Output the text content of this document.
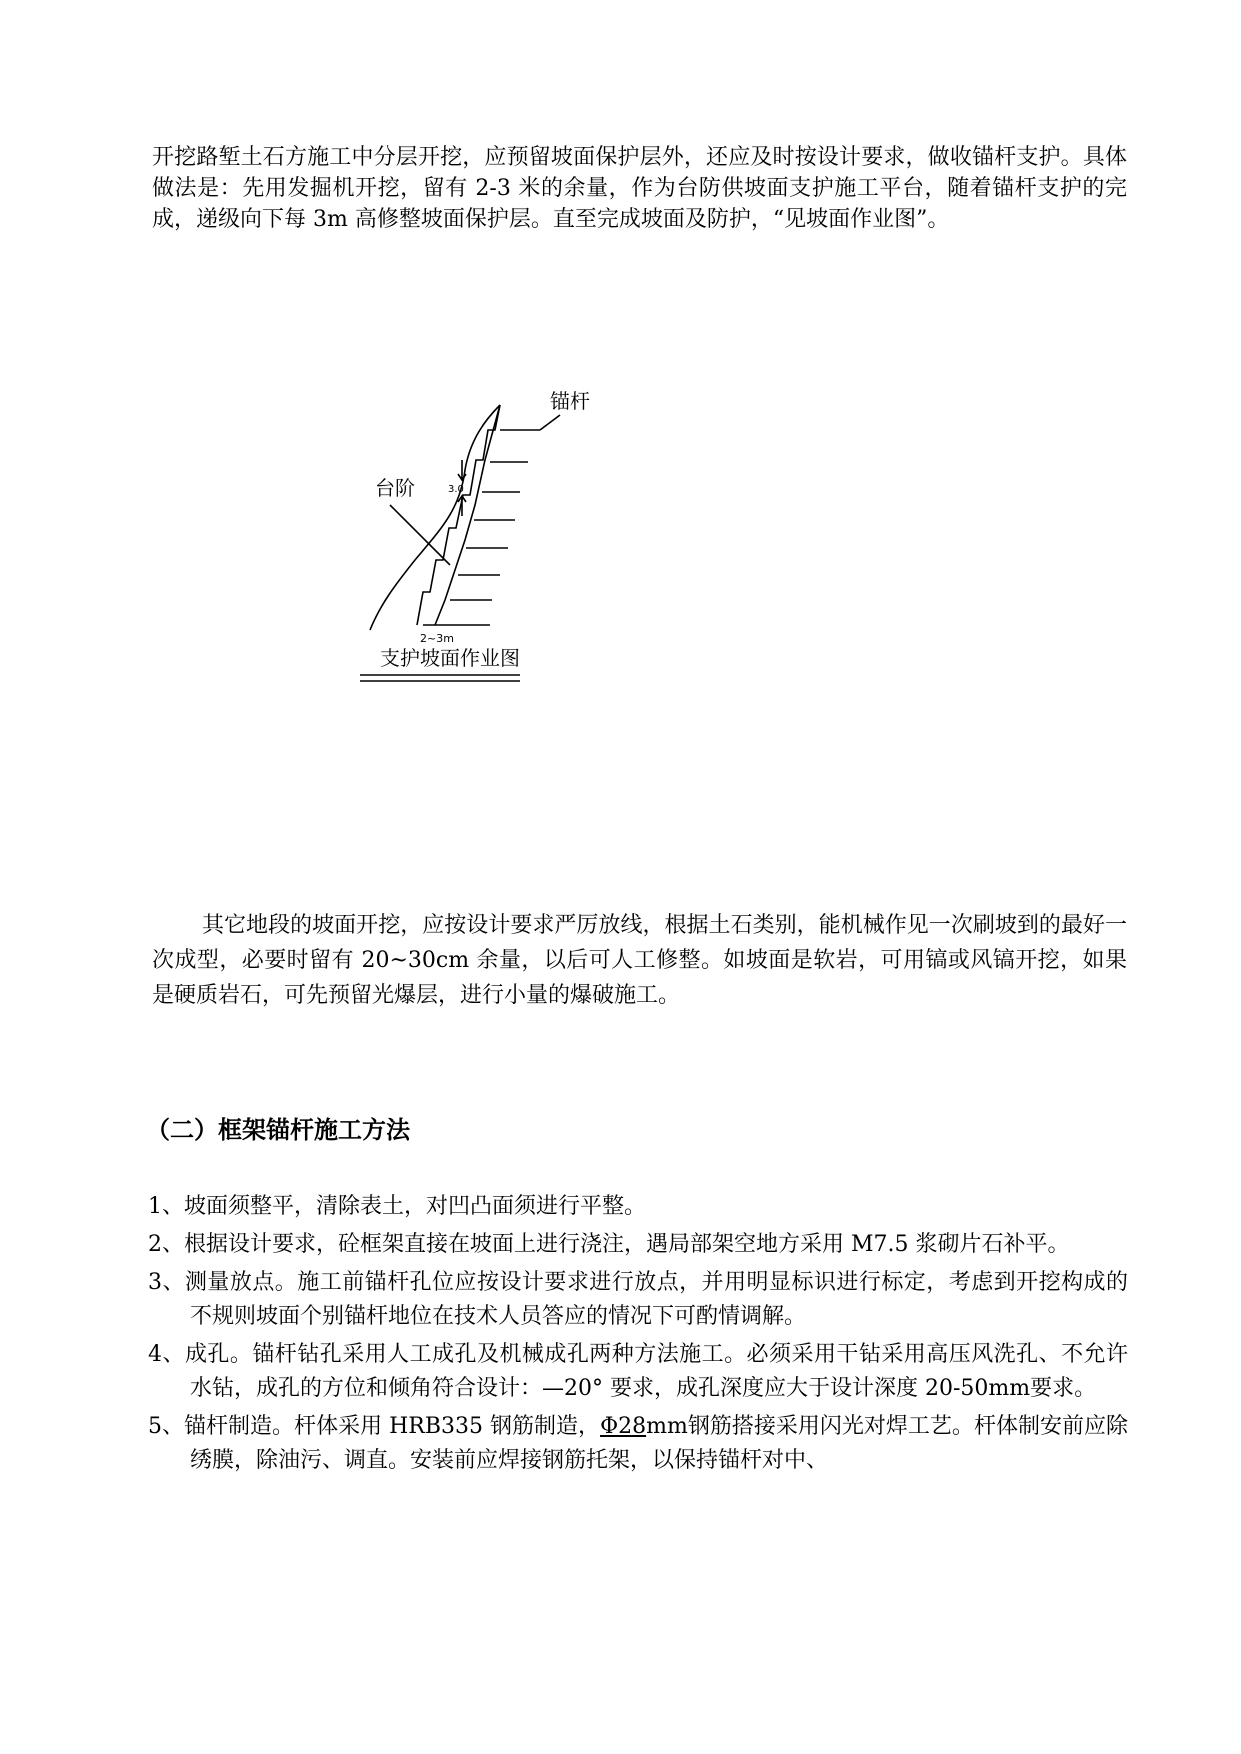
开挖路堑土石方施工中分层开挖，应预留坡面保护层外，还应及时按设计要求，做收锚杆支护。具体做法是：先用发掘机开挖，留有 2-3 米的余量，作为台防供坡面支护施工平台，随着锚杆支护的完成，递级向下每 3m 高修整坡面保护层。直至完成坡面及防护，“见坡面作业图”。

锚杆
台阶	3.0
2~3m
支护坡面作业图

其它地段的坡面开挖，应按设计要求严厉放线，根据土石类别，能机械作见一次刷坡到的最好一次成型，必要时留有 20~30cm 余量，以后可人工修整。如坡面是软岩，可用镐或风镐开挖，如果是硬质岩石，可先预留光爆层，进行小量的爆破施工。

（二）框架锚杆施工方法
1、坡面须整平，清除表土，对凹凸面须进行平整。
2、根据设计要求，砼框架直接在坡面上进行浇注，遇局部架空地方采用 M7.5 浆砌片石补平。
3、测量放点。施工前锚杆孔位应按设计要求进行放点，并用明显标识进行标定，考虑到开挖构成的不规则坡面个别锚杆地位在技术人员答应的情况下可酌情调解。
4、成孔。锚杆钻孔采用人工成孔及机械成孔两种方法施工。必须采用干钻采用高压风洗孔、不允许水钻，成孔的方位和倾角符合设计：—20° 要求，成孔深度应大于设计深度 20-50mm要求。
5、锚杆制造。杆体采用 HRB335 钢筋制造，Φ28mm钢筋搭接采用闪光对焊工艺。杆体制安前应除绣膜，除油污、调直。安装前应焊接钢筋托架，以保持锚杆对中、
